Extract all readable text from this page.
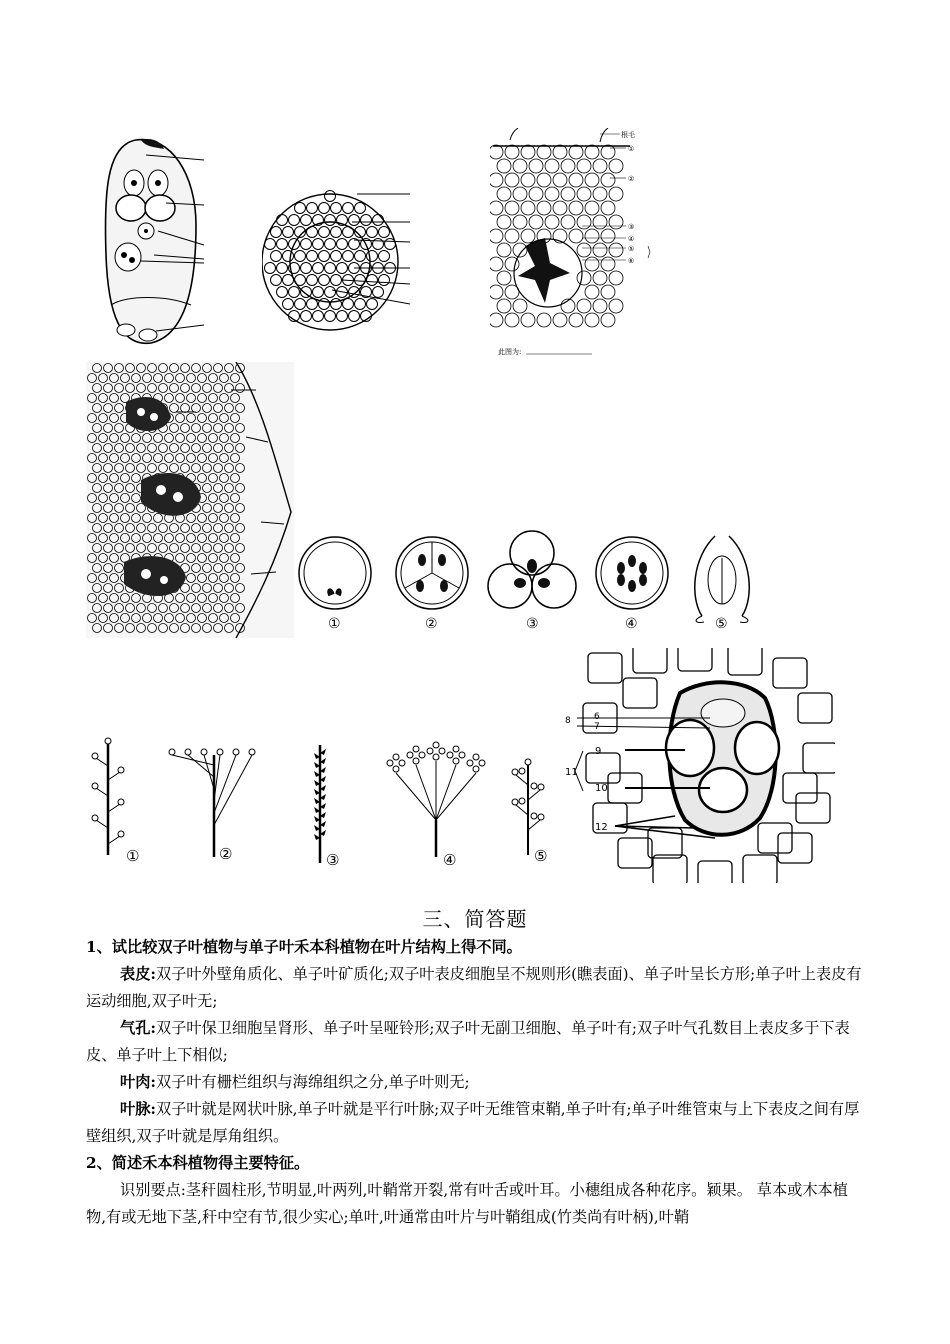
根毛
①
②
③
④
⑤
⑥
此图为:
①	②	③	④	⑤
①	②	③	④	⑤
8	6
7
9
11
10
12
三、简答题
1、试比较双子叶植物与单子叶禾本科植物在叶片结构上得不同。
表皮:双子叶外壁角质化、单子叶矿质化;双子叶表皮细胞呈不规则形(瞧表面)、单子叶呈长方形;单子叶上表皮有运动细胞,双子叶无;
气孔:双子叶保卫细胞呈肾形、单子叶呈哑铃形;双子叶无副卫细胞、单子叶有;双子叶气孔数目上表皮多于下表皮、单子叶上下相似;
叶肉:双子叶有栅栏组织与海绵组织之分,单子叶则无;
叶脉:双子叶就是网状叶脉,单子叶就是平行叶脉;双子叶无维管束鞘,单子叶有;单子叶维管束与上下表皮之间有厚壁组织,双子叶就是厚角组织。
2、简述禾本科植物得主要特征。
识别要点:茎秆圆柱形,节明显,叶两列,叶鞘常开裂,常有叶舌或叶耳。小穗组成各种花序。颖果。 草本或木本植物,有或无地下茎,秆中空有节,很少实心;单叶,叶通常由叶片与叶鞘组成(竹类尚有叶柄),叶鞘
